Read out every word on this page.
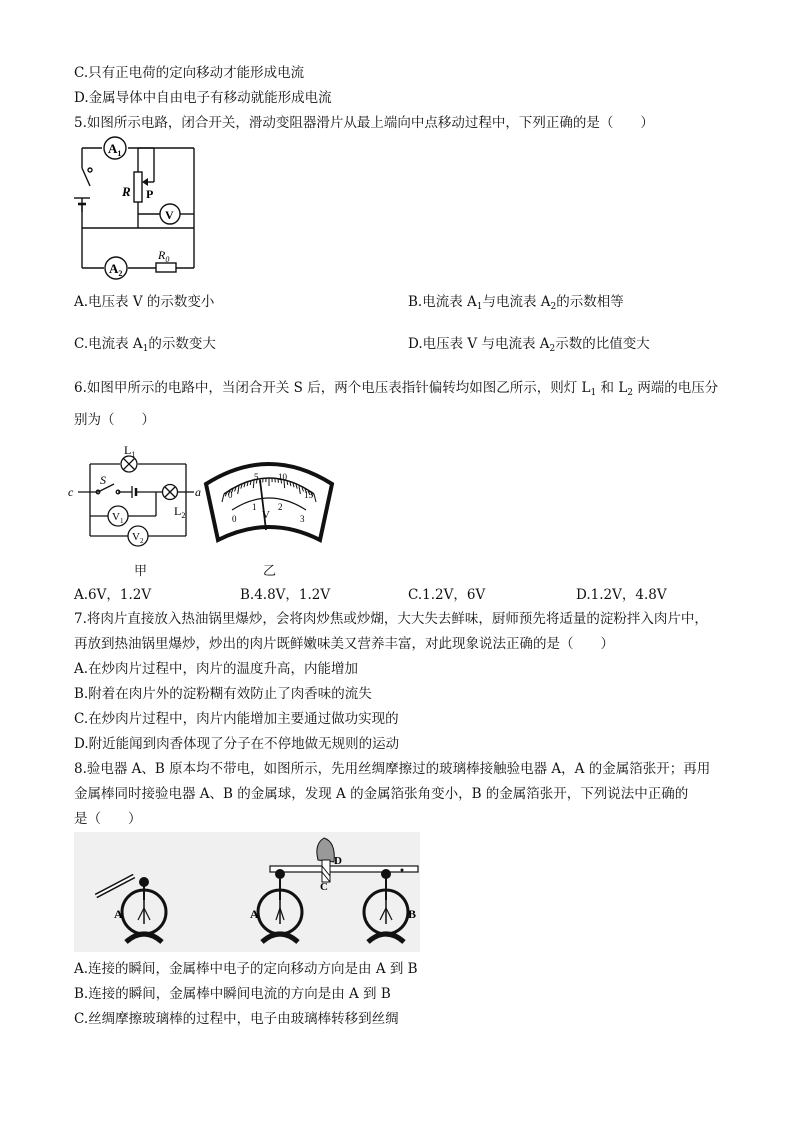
C.只有正电荷的定向移动才能形成电流
D.金属导体中自由电子有移动就能形成电流
5.如图所示电路，闭合开关，滑动变阻器滑片从最上端向中点移动过程中，下列正确的是（　　）
$A_1$
R P
V
$A_2$
$R_0$
A.电压表 V 的示数变小	B.电流表 $A_1$与电流表 $A_2$的示数相等
C.电流表 $A_1$的示数变大	D.电压表 V 与电流表 $A_2$示数的比值变大
6.如图甲所示的电路中，当闭合开关 S 后，两个电压表指针偏转均如图乙所示，则灯 $L_1$ 和 $L_2$ 两端的电压分
别为（　　）
$L_1$
$L_2$
S
c	a
$V_1$
$V_2$
0
5 10
15
0
1 2
3
V
甲	乙
A.6V，1.2V	B.4.8V，1.2V	C.1.2V，6V	D.1.2V，4.8V
7.将肉片直接放入热油锅里爆炒，会将肉炒焦或炒煳，大大失去鲜味，厨师预先将适量的淀粉拌入肉片中，
再放到热油锅里爆炒，炒出的肉片既鲜嫩味美又营养丰富，对此现象说法正确的是（　　）
A.在炒肉片过程中，肉片的温度升高，内能增加
B.附着在肉片外的淀粉糊有效防止了肉香味的流失
C.在炒肉片过程中，肉片内能增加主要通过做功实现的
D.附近能闻到肉香体现了分子在不停地做无规则的运动
8.验电器 A、B 原本均不带电，如图所示，先用丝绸摩擦过的玻璃棒接触验电器 A，A 的金属箔张开；再用
金属棒同时接验电器 A、B 的金属球，发现 A 的金属箔张角变小，B 的金属箔张开，下列说法中正确的
是（　　）
A
D
C
A	B
A.连接的瞬间，金属棒中电子的定向移动方向是由 A 到 B
B.连接的瞬间，金属棒中瞬间电流的方向是由 A 到 B
C.丝绸摩擦玻璃棒的过程中，电子由玻璃棒转移到丝绸
